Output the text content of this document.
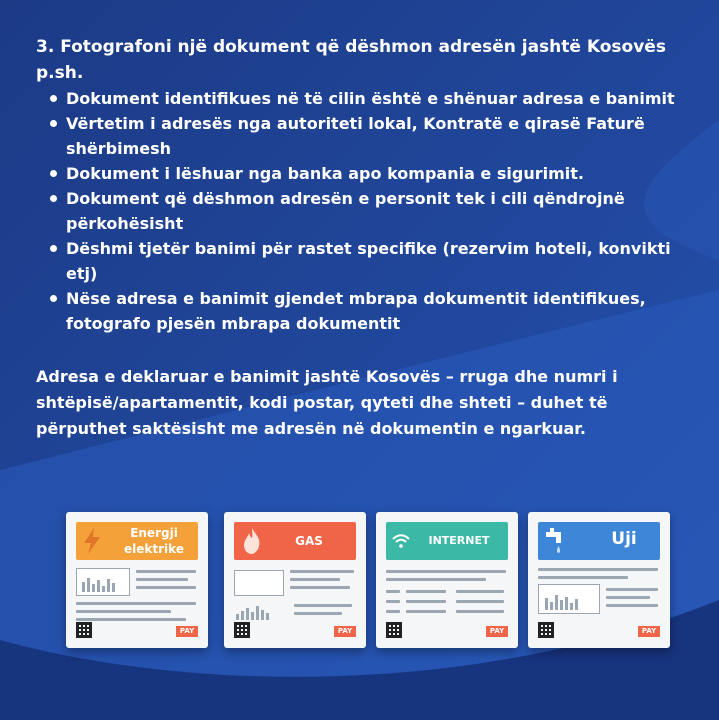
3. Fotografoni një dokument që dëshmon adresën jashtë Kosovës p.sh.

Dokument identifikues në të cilin është e shënuar adresa e banimit
Vërtetim i adresës nga autoriteti lokal, Kontratë e qirasë Faturë shërbimesh
Dokument i lëshuar nga banka apo kompania e sigurimit.
Dokument që dëshmon adresën e personit tek i cili qëndrojnë përkohësisht
Dëshmi tjetër banimi për rastet specifike (rezervim hoteli, konvikti etj)
Nëse adresa e banimit gjendet mbrapa dokumentit identifikues, fotografo pjesën mbrapa dokumentit
Adresa e deklaruar e banimit jashtë Kosovës – rruga dhe numri i shtëpisë/apartamentit, kodi postar, qyteti dhe shteti – duhet të përputhet saktësisht me adresën në dokumentin e ngarkuar.
Energji
elektrike
PAY
GAS
PAY
INTERNET
PAY
Uji
PAY
